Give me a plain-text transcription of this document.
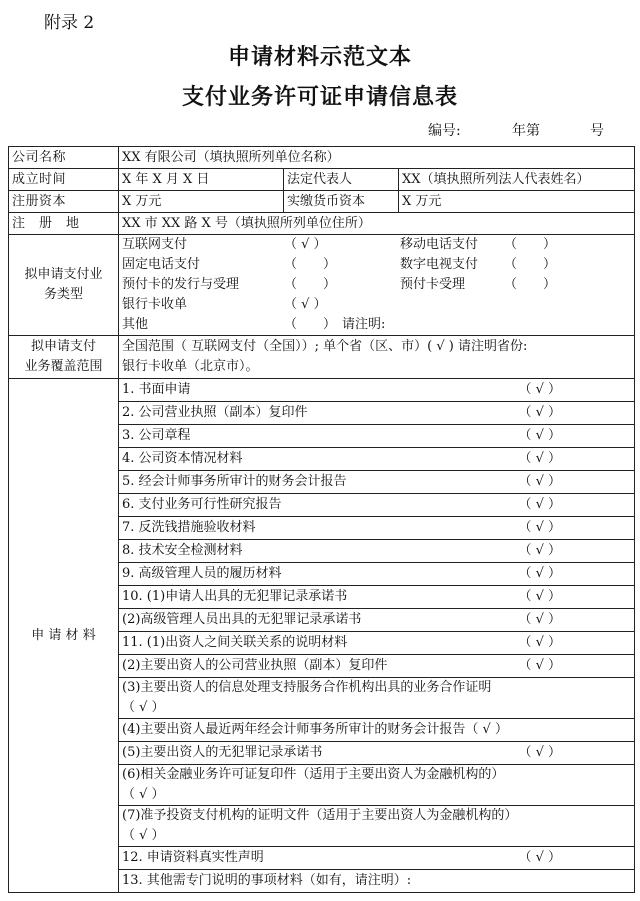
附录 2
申请材料示范文本
支付业务许可证申请信息表
编号:	年第	号
公司名称	XX 有限公司（填执照所列单位名称）
成立时间	X 年 X 月 X 日	法定代表人	XX（填执照所列法人代表姓名）
注册资本	X 万元	实缴货币资本	X 万元
注　册　地	XX 市 XX 路 X 号（填执照所列单位住所）

拟申请支付业
务类型

互联网支付	（ √ ）	移动电话支付 （　　）
固定电话支付	（　　）	数字电视支付 （　　）
预付卡的发行与受理	（　　）	预付卡受理	（　　）
银行卡收单	（ √ ）
其他	（　　） 请注明:

拟申请支付
业务覆盖范围

全国范围（ 互联网支付（全国））; 单个省（区、市）( √ ) 请注明省份:
银行卡收单（北京市）。

申 请 材 料	
1. 书面申请	（ √ ）

2. 公司营业执照（副本）复印件	（ √ ）

3. 公司章程	（ √ ）

4. 公司资本情况材料	（ √ ）

5. 经会计师事务所审计的财务会计报告	（ √ ）

6. 支付业务可行性研究报告	（ √ ）

7. 反洗钱措施验收材料	（ √ ）

8. 技术安全检测材料	（ √ ）

9. 高级管理人员的履历材料	（ √ ）

10. (1)申请人出具的无犯罪记录承诺书	（ √ ）

(2)高级管理人员出具的无犯罪记录承诺书	（ √ ）

11. (1)出资人之间关联关系的说明材料	（ √ ）

(2)主要出资人的公司营业执照（副本）复印件	（ √ ）

(3)主要出资人的信息处理支持服务合作机构出具的业务合作证明
（ √ ）

(4)主要出资人最近两年经会计师事务所审计的财务会计报告（ √ ）
(5)主要出资人的无犯罪记录承诺书	（ √ ）

(6)相关金融业务许可证复印件（适用于主要出资人为金融机构的）
（ √ ）

(7)准予投资支付机构的证明文件（适用于主要出资人为金融机构的）
（ √ ）

12. 申请资料真实性声明	（ √ ）

13. 其他需专门说明的事项材料（如有，请注明）:
